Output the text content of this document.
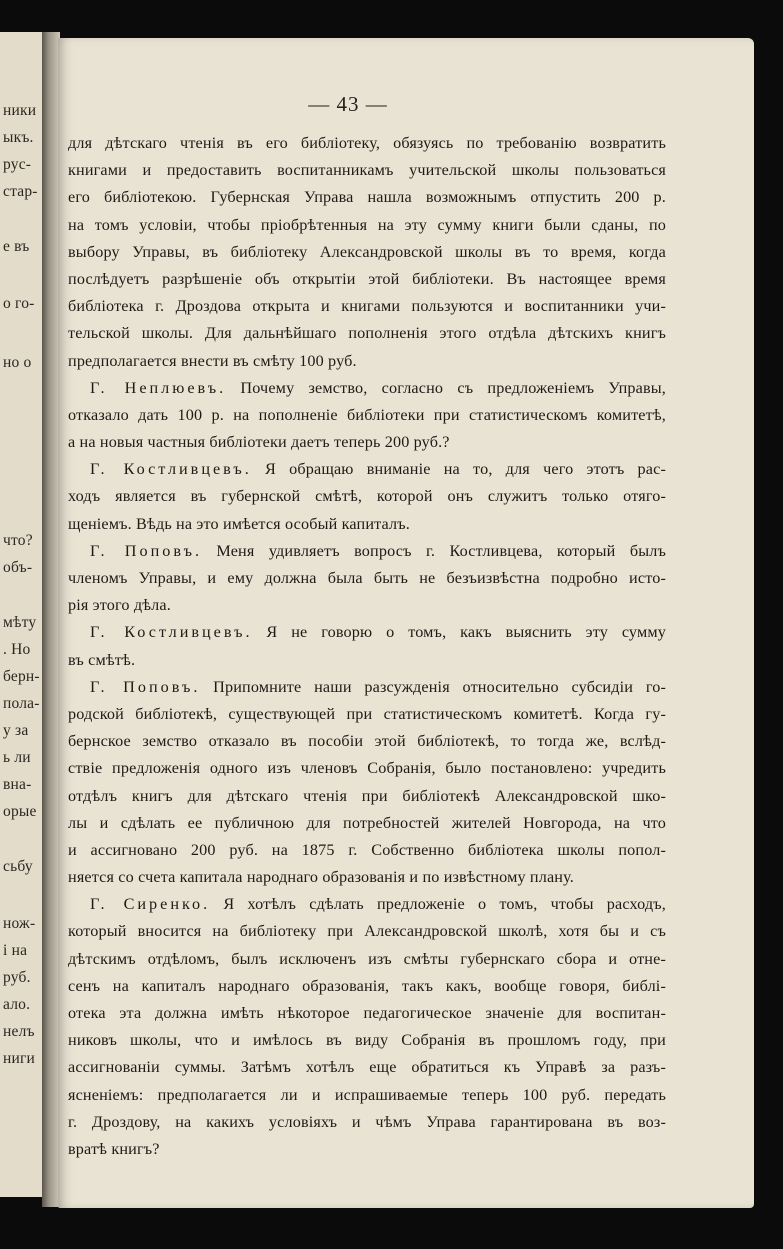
ники
ыкъ.
рус-
стар-
е въ
о го-
но о
что?
объ-
мѣту
. Но
берн-
пола-
у за
ь ли
вна-
орые
сьбу
нож-
і на
руб.
ало.
нелъ
ниги
— 43 —
для дѣтскаго чтенія въ его библіотеку, обязуясь по требованію возвратить
книгами и предоставить воспитанникамъ учительской школы пользоваться
его библіотекою. Губернская Управа нашла возможнымъ отпустить 200 р.
на томъ условіи, чтобы пріобрѣтенныя на эту сумму книги были сданы, по
выбору Управы, въ библіотеку Александровской школы въ то время, когда
послѣдуетъ разрѣшеніе объ открытіи этой библіотеки. Въ настоящее время
библіотека г. Дроздова открыта и книгами пользуются и воспитанники учи-
тельской школы. Для дальнѣйшаго пополненія этого отдѣла дѣтскихъ книгъ
предполагается внести въ смѣту 100 руб.
Г. Неплюевъ. Почему земство, согласно съ предложеніемъ Управы,
отказало дать 100 р. на пополненіе библіотеки при статистическомъ комитетѣ,
а на новыя частныя библіотеки даетъ теперь 200 руб.?
Г. Костливцевъ. Я обращаю вниманіе на то, для чего этотъ рас-
ходъ является въ губернской смѣтѣ, которой онъ служитъ только отяго-
щеніемъ. Вѣдь на это имѣется особый капиталъ.
Г. Поповъ. Меня удивляетъ вопросъ г. Костливцева, который былъ
членомъ Управы, и ему должна была быть не безъизвѣстна подробно исто-
рія этого дѣла.
Г. Костливцевъ. Я не говорю о томъ, какъ выяснить эту сумму
въ смѣтѣ.
Г. Поповъ. Припомните наши разсужденія относительно субсидіи го-
родской библіотекѣ, существующей при статистическомъ комитетѣ. Когда гу-
бернское земство отказало въ пособіи этой библіотекѣ, то тогда же, вслѣд-
ствіе предложенія одного изъ членовъ Собранія, было постановлено: учредить
отдѣлъ книгъ для дѣтскаго чтенія при библіотекѣ Александровской шко-
лы и сдѣлать ее публичною для потребностей жителей Новгорода, на что
и ассигновано 200 руб. на 1875 г. Собственно библіотека школы попол-
няется со счета капитала народнаго образованія и по извѣстному плану.
Г. Сиренко. Я хотѣлъ сдѣлать предложеніе о томъ, чтобы расходъ,
который вносится на библіотеку при Александровской школѣ, хотя бы и съ
дѣтскимъ отдѣломъ, былъ исключенъ изъ смѣты губернскаго сбора и отне-
сенъ на капиталъ народнаго образованія, такъ какъ, вообще говоря, библі-
отека эта должна имѣть нѣкоторое педагогическое значеніе для воспитан-
никовъ школы, что и имѣлось въ виду Собранія въ прошломъ году, при
ассигнованіи суммы. Затѣмъ хотѣлъ еще обратиться къ Управѣ за разъ-
ясненіемъ: предполагается ли и испрашиваемые теперь 100 руб. передать
г. Дроздову, на какихъ условіяхъ и чѣмъ Управа гарантирована въ воз-
вратѣ книгъ?
